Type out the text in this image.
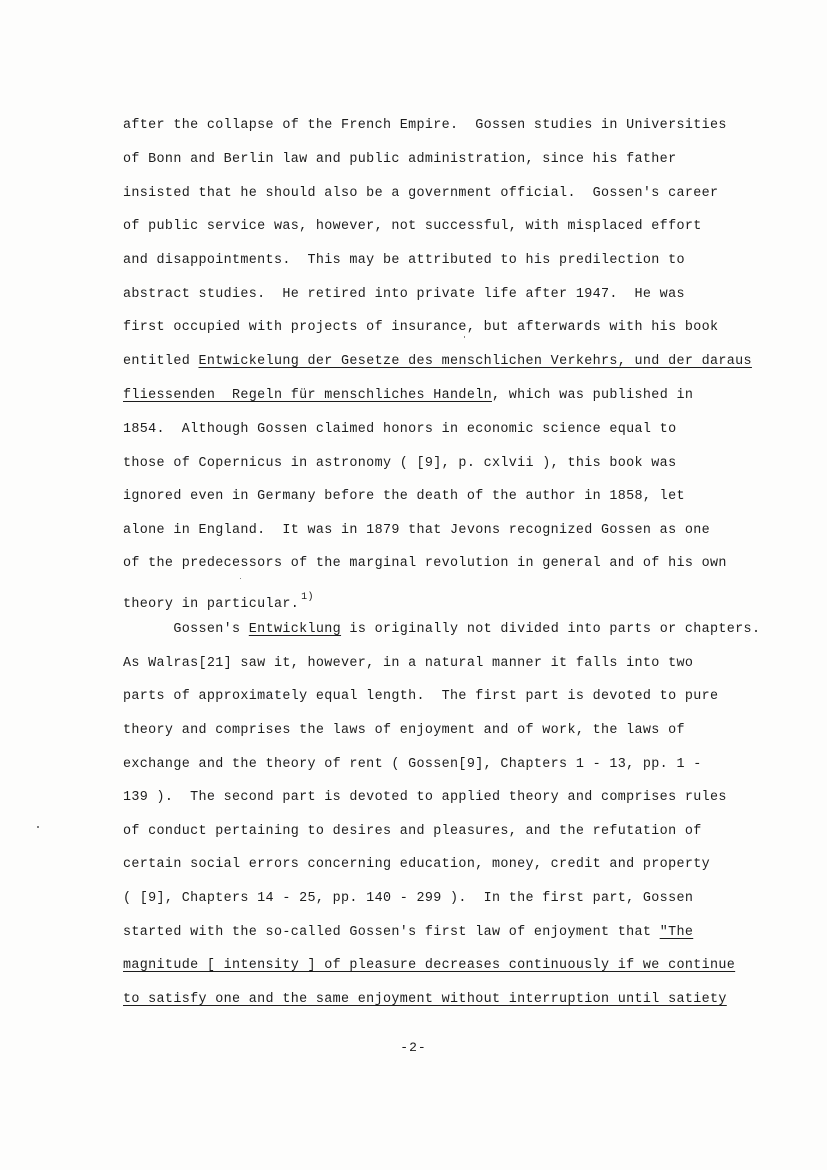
after the collapse of the French Empire.  Gossen studies in Universities
of Bonn and Berlin law and public administration, since his father
insisted that he should also be a government official.  Gossen's career
of public service was, however, not successful, with misplaced effort
and disappointments.  This may be attributed to his predilection to
abstract studies.  He retired into private life after 1947.  He was
first occupied with projects of insurance, but afterwards with his book
entitled Entwickelung der Gesetze des menschlichen Verkehrs, und der daraus
fliessenden  Regeln für menschliches Handeln, which was published in
1854.  Although Gossen claimed honors in economic science equal to
those of Copernicus in astronomy ( [9], p. cxlvii ), this book was
ignored even in Germany before the death of the author in 1858, let
alone in England.  It was in 1879 that Jevons recognized Gossen as one
of the predecessors of the marginal revolution in general and of his own
theory in particular. $^{1)}$
Gossen's Entwicklung is originally not divided into parts or chapters.
As Walras[21] saw it, however, in a natural manner it falls into two
parts of approximately equal length.  The first part is devoted to pure
theory and comprises the laws of enjoyment and of work, the laws of
exchange and the theory of rent ( Gossen[9], Chapters 1 - 13, pp. 1 -
139 ).  The second part is devoted to applied theory and comprises rules
of conduct pertaining to desires and pleasures, and the refutation of
certain social errors concerning education, money, credit and property
( [9], Chapters 14 - 25, pp. 140 - 299 ).  In the first part, Gossen
started with the so-called Gossen's first law of enjoyment that "The
magnitude [ intensity ] of pleasure decreases continuously if we continue
to satisfy one and the same enjoyment without interruption until satiety
-2-
